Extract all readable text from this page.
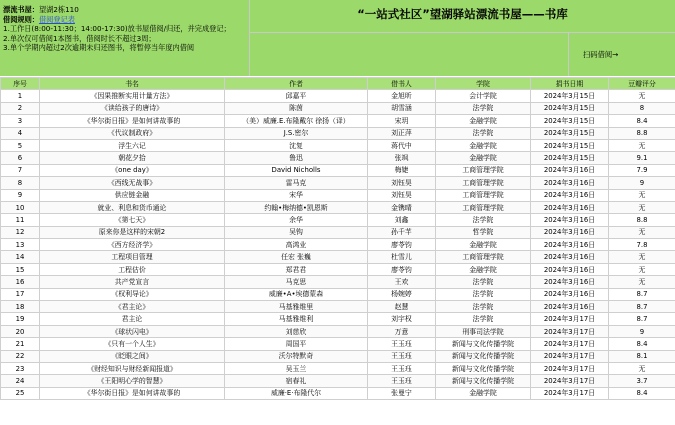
漂流书屋：望湖2栋110
借阅规则：借阅登记表
1.工作日(8:00-11:30；14:00-17:30)放书屋借阅/归还，并完成登记；
2.单次仅可借阅1本图书，借阅时长不超过3周；
3.单个学期内超过2次逾期未归还图书，将暂停当年度内借阅
“一站式社区”望湖驿站漂流书屋——书库
扫码借阅→
序号	书名	作者	借书人	学院	捐书日期	豆瓣评分
1	《因果推断实用计量方法》	邱嘉平	金旭昕	会计学院	2024年3月15日	无
2	《读给孩子的唐诗》	陈茵	胡雪涵	法学院	2024年3月15日	8
3	《华尔街日报》是如何讲故事的	（美）威廉.E.布隆戴尔 徐扬（译）	宋玥	金融学院	2024年3月15日	8.4
4	《代议制政府》	J.S.密尔	刘正萍	法学院	2024年3月15日	8.8
5	浮生六记	沈复	蒋代中	金融学院	2024年3月15日	无
6	朝花夕拾	鲁迅	张飒	金融学院	2024年3月15日	9.1
7	《one day》	David Nicholls	梅婕	工商管理学院	2024年3月16日	7.9
8	《西线无战事》	雷马克	刘钰昊	工商管理学院	2024年3月16日	9
9	供应链金融	宋华	刘钰昊	工商管理学院	2024年3月16日	无
10	就业、利息和货币通论	约翰•梅纳德•凯恩斯	金镌晴	工商管理学院	2024年3月16日	无
11	《第七天》	余华	刘鑫	法学院	2024年3月16日	8.8
12	原来你是这样的宋朝2	吴钩	孙千芊	哲学院	2024年3月16日	无
13	《西方经济学》	高鸿业	廖苓钧	金融学院	2024年3月16日	7.8
14	工程项目管理	任宏 张巍	杜雪儿	工商管理学院	2024年3月16日	无
15	工程估价	郑君君	廖苓钧	金融学院	2024年3月16日	无
16	共产党宣言	马克思	王欢	法学院	2024年3月16日	无
17	《权利导论》	威廉•A•埃德蒙森	杨婉婷	法学院	2024年3月16日	8.7
18	《君主论》	马基雅维里	赵慧	法学院	2024年3月16日	8.7
19	君主论	马基雅维利	刘宇权	法学院	2024年3月17日	8.7
20	《球状闪电》	刘慈欣	万意	刑事司法学院	2024年3月17日	9
21	《只有一个人生》	周国平	王玉珏	新闻与文化传播学院	2024年3月17日	8.4
22	《眨眼之间》	沃尔特默奇	王玉珏	新闻与文化传播学院	2024年3月17日	8.1
23	《财经知识与财经新闻报道》	吴玉兰	王玉珏	新闻与文化传播学院	2024年3月17日	无
24	《王阳明心学的智慧》	宿春礼	王玉珏	新闻与文化传播学院	2024年3月17日	3.7
25	《华尔街日报》是如何讲故事的	威廉·E·布隆代尔	张曼宁	金融学院	2024年3月17日	8.4
